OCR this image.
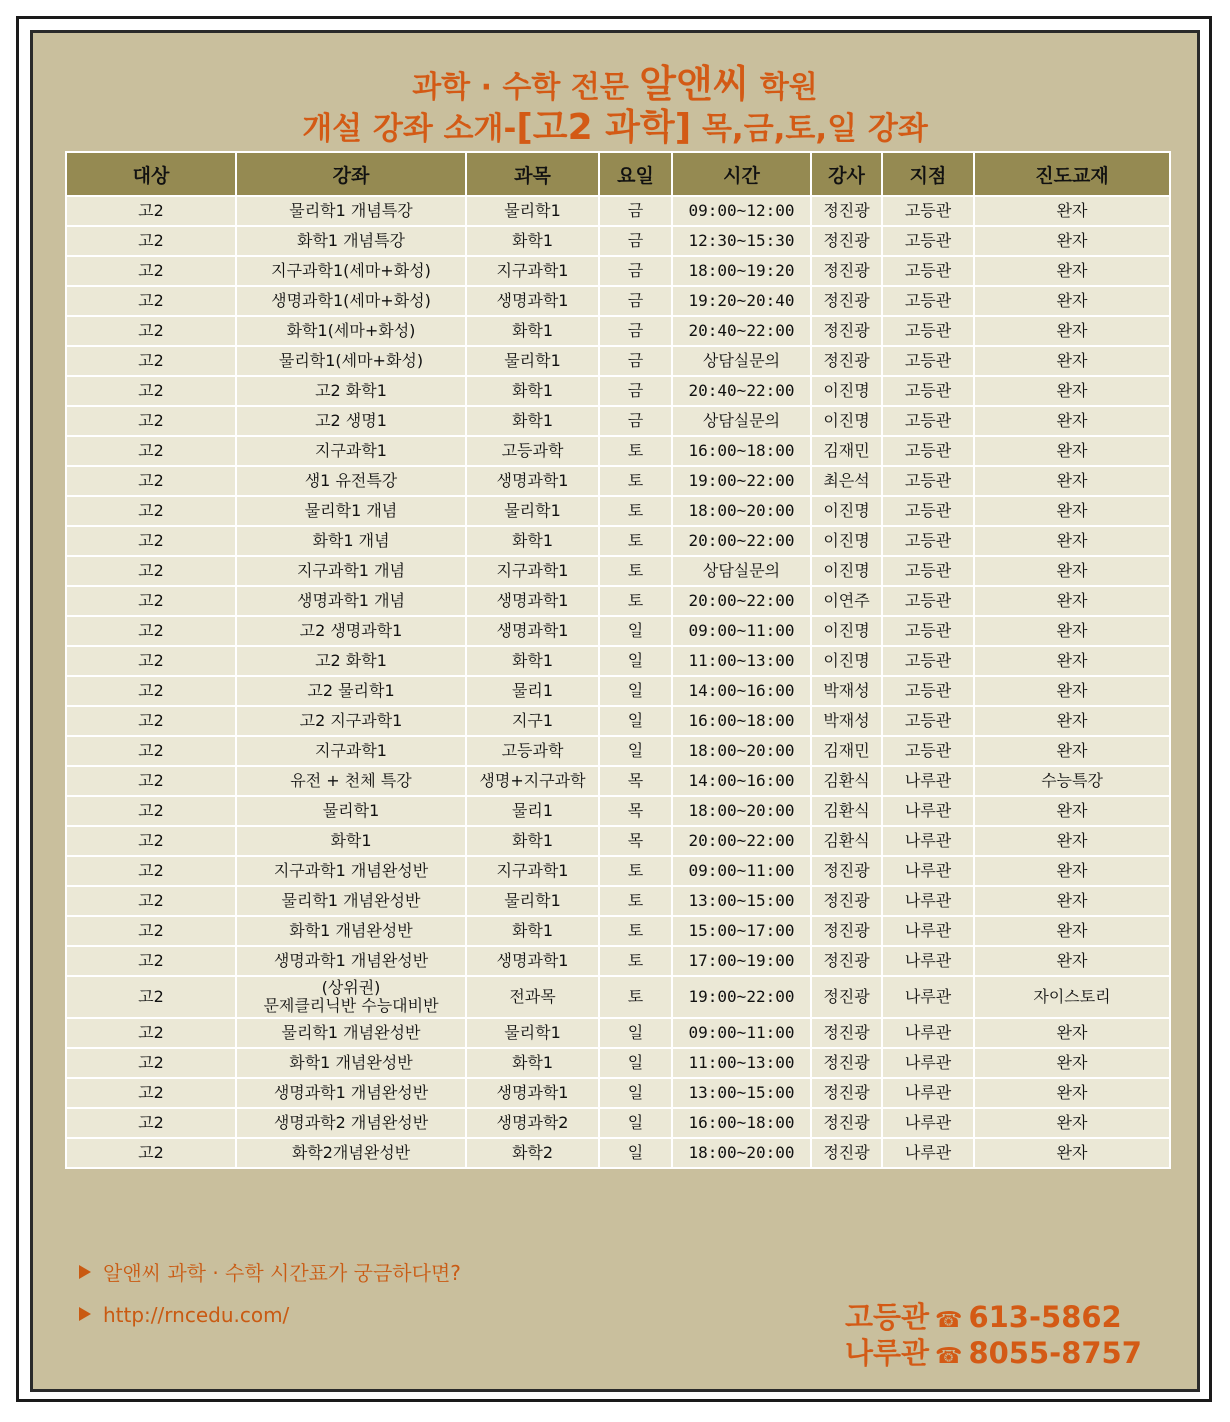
과학 · 수학 전문 알앤씨 학원
개설 강좌 소개-[고2 과학] 목,금,토,일 강좌
대상	강좌	과목	요일	시간	강사	지점	진도교재
고2	물리학1 개념특강	물리학1	금	09:00~12:00	정진광	고등관	완자
고2	화학1 개념특강	화학1	금	12:30~15:30	정진광	고등관	완자
고2	지구과학1(세마+화성)	지구과학1	금	18:00~19:20	정진광	고등관	완자
고2	생명과학1(세마+화성)	생명과학1	금	19:20~20:40	정진광	고등관	완자
고2	화학1(세마+화성)	화학1	금	20:40~22:00	정진광	고등관	완자
고2	물리학1(세마+화성)	물리학1	금	상담실문의	정진광	고등관	완자
고2	고2 화학1	화학1	금	20:40~22:00	이진명	고등관	완자
고2	고2 생명1	화학1	금	상담실문의	이진명	고등관	완자
고2	지구과학1	고등과학	토	16:00~18:00	김재민	고등관	완자
고2	생1 유전특강	생명과학1	토	19:00~22:00	최은석	고등관	완자
고2	물리학1 개념	물리학1	토	18:00~20:00	이진명	고등관	완자
고2	화학1 개념	화학1	토	20:00~22:00	이진명	고등관	완자
고2	지구과학1 개념	지구과학1	토	상담실문의	이진명	고등관	완자
고2	생명과학1 개념	생명과학1	토	20:00~22:00	이연주	고등관	완자
고2	고2 생명과학1	생명과학1	일	09:00~11:00	이진명	고등관	완자
고2	고2 화학1	화학1	일	11:00~13:00	이진명	고등관	완자
고2	고2 물리학1	물리1	일	14:00~16:00	박재성	고등관	완자
고2	고2 지구과학1	지구1	일	16:00~18:00	박재성	고등관	완자
고2	지구과학1	고등과학	일	18:00~20:00	김재민	고등관	완자
고2	유전 + 천체 특강	생명+지구과학	목	14:00~16:00	김환식	나루관	수능특강
고2	물리학1	물리1	목	18:00~20:00	김환식	나루관	완자
고2	화학1	화학1	목	20:00~22:00	김환식	나루관	완자
고2	지구과학1 개념완성반	지구과학1	토	09:00~11:00	정진광	나루관	완자
고2	물리학1 개념완성반	물리학1	토	13:00~15:00	정진광	나루관	완자
고2	화학1 개념완성반	화학1	토	15:00~17:00	정진광	나루관	완자
고2	생명과학1 개념완성반	생명과학1	토	17:00~19:00	정진광	나루관	완자
고2	(상위권)
문제클리닉반 수능대비반	전과목	토	19:00~22:00	정진광	나루관	자이스토리
고2	물리학1 개념완성반	물리학1	일	09:00~11:00	정진광	나루관	완자
고2	화학1 개념완성반	화학1	일	11:00~13:00	정진광	나루관	완자
고2	생명과학1 개념완성반	생명과학1	일	13:00~15:00	정진광	나루관	완자
고2	생명과학2 개념완성반	생명과학2	일	16:00~18:00	정진광	나루관	완자
고2	화학2개념완성반	화학2	일	18:00~20:00	정진광	나루관	완자
알앤씨 과학 · 수학 시간표가 궁금하다면?
http://rncedu.com/	고등관 ☎ 613-5862
나루관 ☎ 8055-8757
